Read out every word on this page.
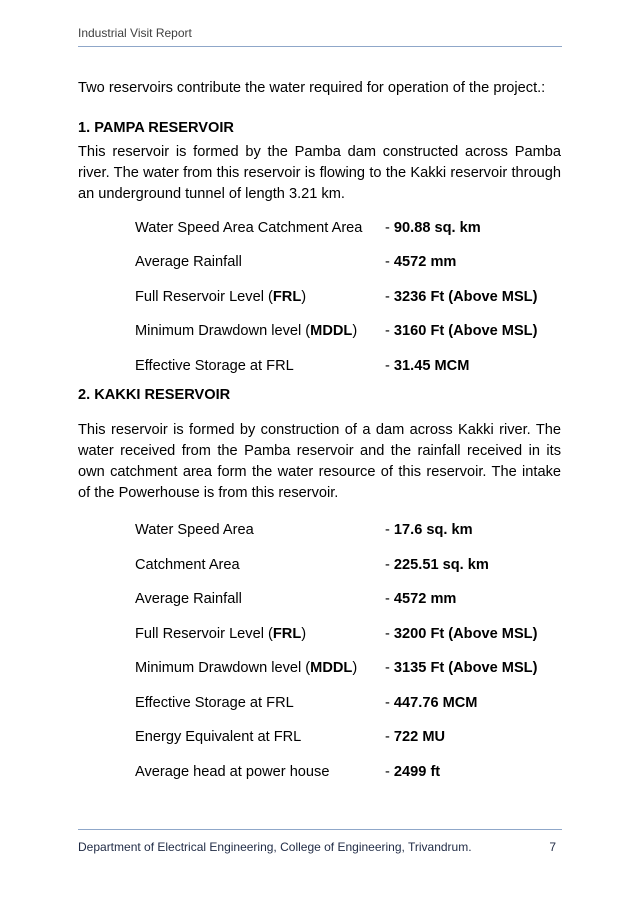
Industrial Visit Report

Two reservoirs contribute the water required for operation of the project.:

1. PAMPA RESERVOIR

This reservoir is formed by the Pamba dam constructed across Pamba river. The water from this reservoir is flowing to the Kakki reservoir through an underground tunnel of length 3.21 km.

Water Speed Area Catchment Area	- 90.88 sq. km
Average Rainfall	- 4572 mm
Full Reservoir Level (FRL)	- 3236 Ft (Above MSL)
Minimum Drawdown level (MDDL)	- 3160 Ft (Above MSL)
Effective Storage at FRL	- 31.45 MCM

2. KAKKI RESERVOIR

This reservoir is formed by construction of a dam across Kakki river. The water received from the Pamba reservoir and the rainfall received in its own catchment area form the water resource of this reservoir. The intake of the Powerhouse is from this reservoir.

Water Speed Area	- 17.6 sq. km
Catchment Area	- 225.51 sq. km
Average Rainfall	- 4572 mm
Full Reservoir Level (FRL)	- 3200 Ft (Above MSL)
Minimum Drawdown level (MDDL)	- 3135 Ft (Above MSL)
Effective Storage at FRL	- 447.76 MCM
Energy Equivalent at FRL	- 722 MU
Average head at power house	- 2499 ft
Department of Electrical Engineering, College of Engineering, Trivandrum.	7
